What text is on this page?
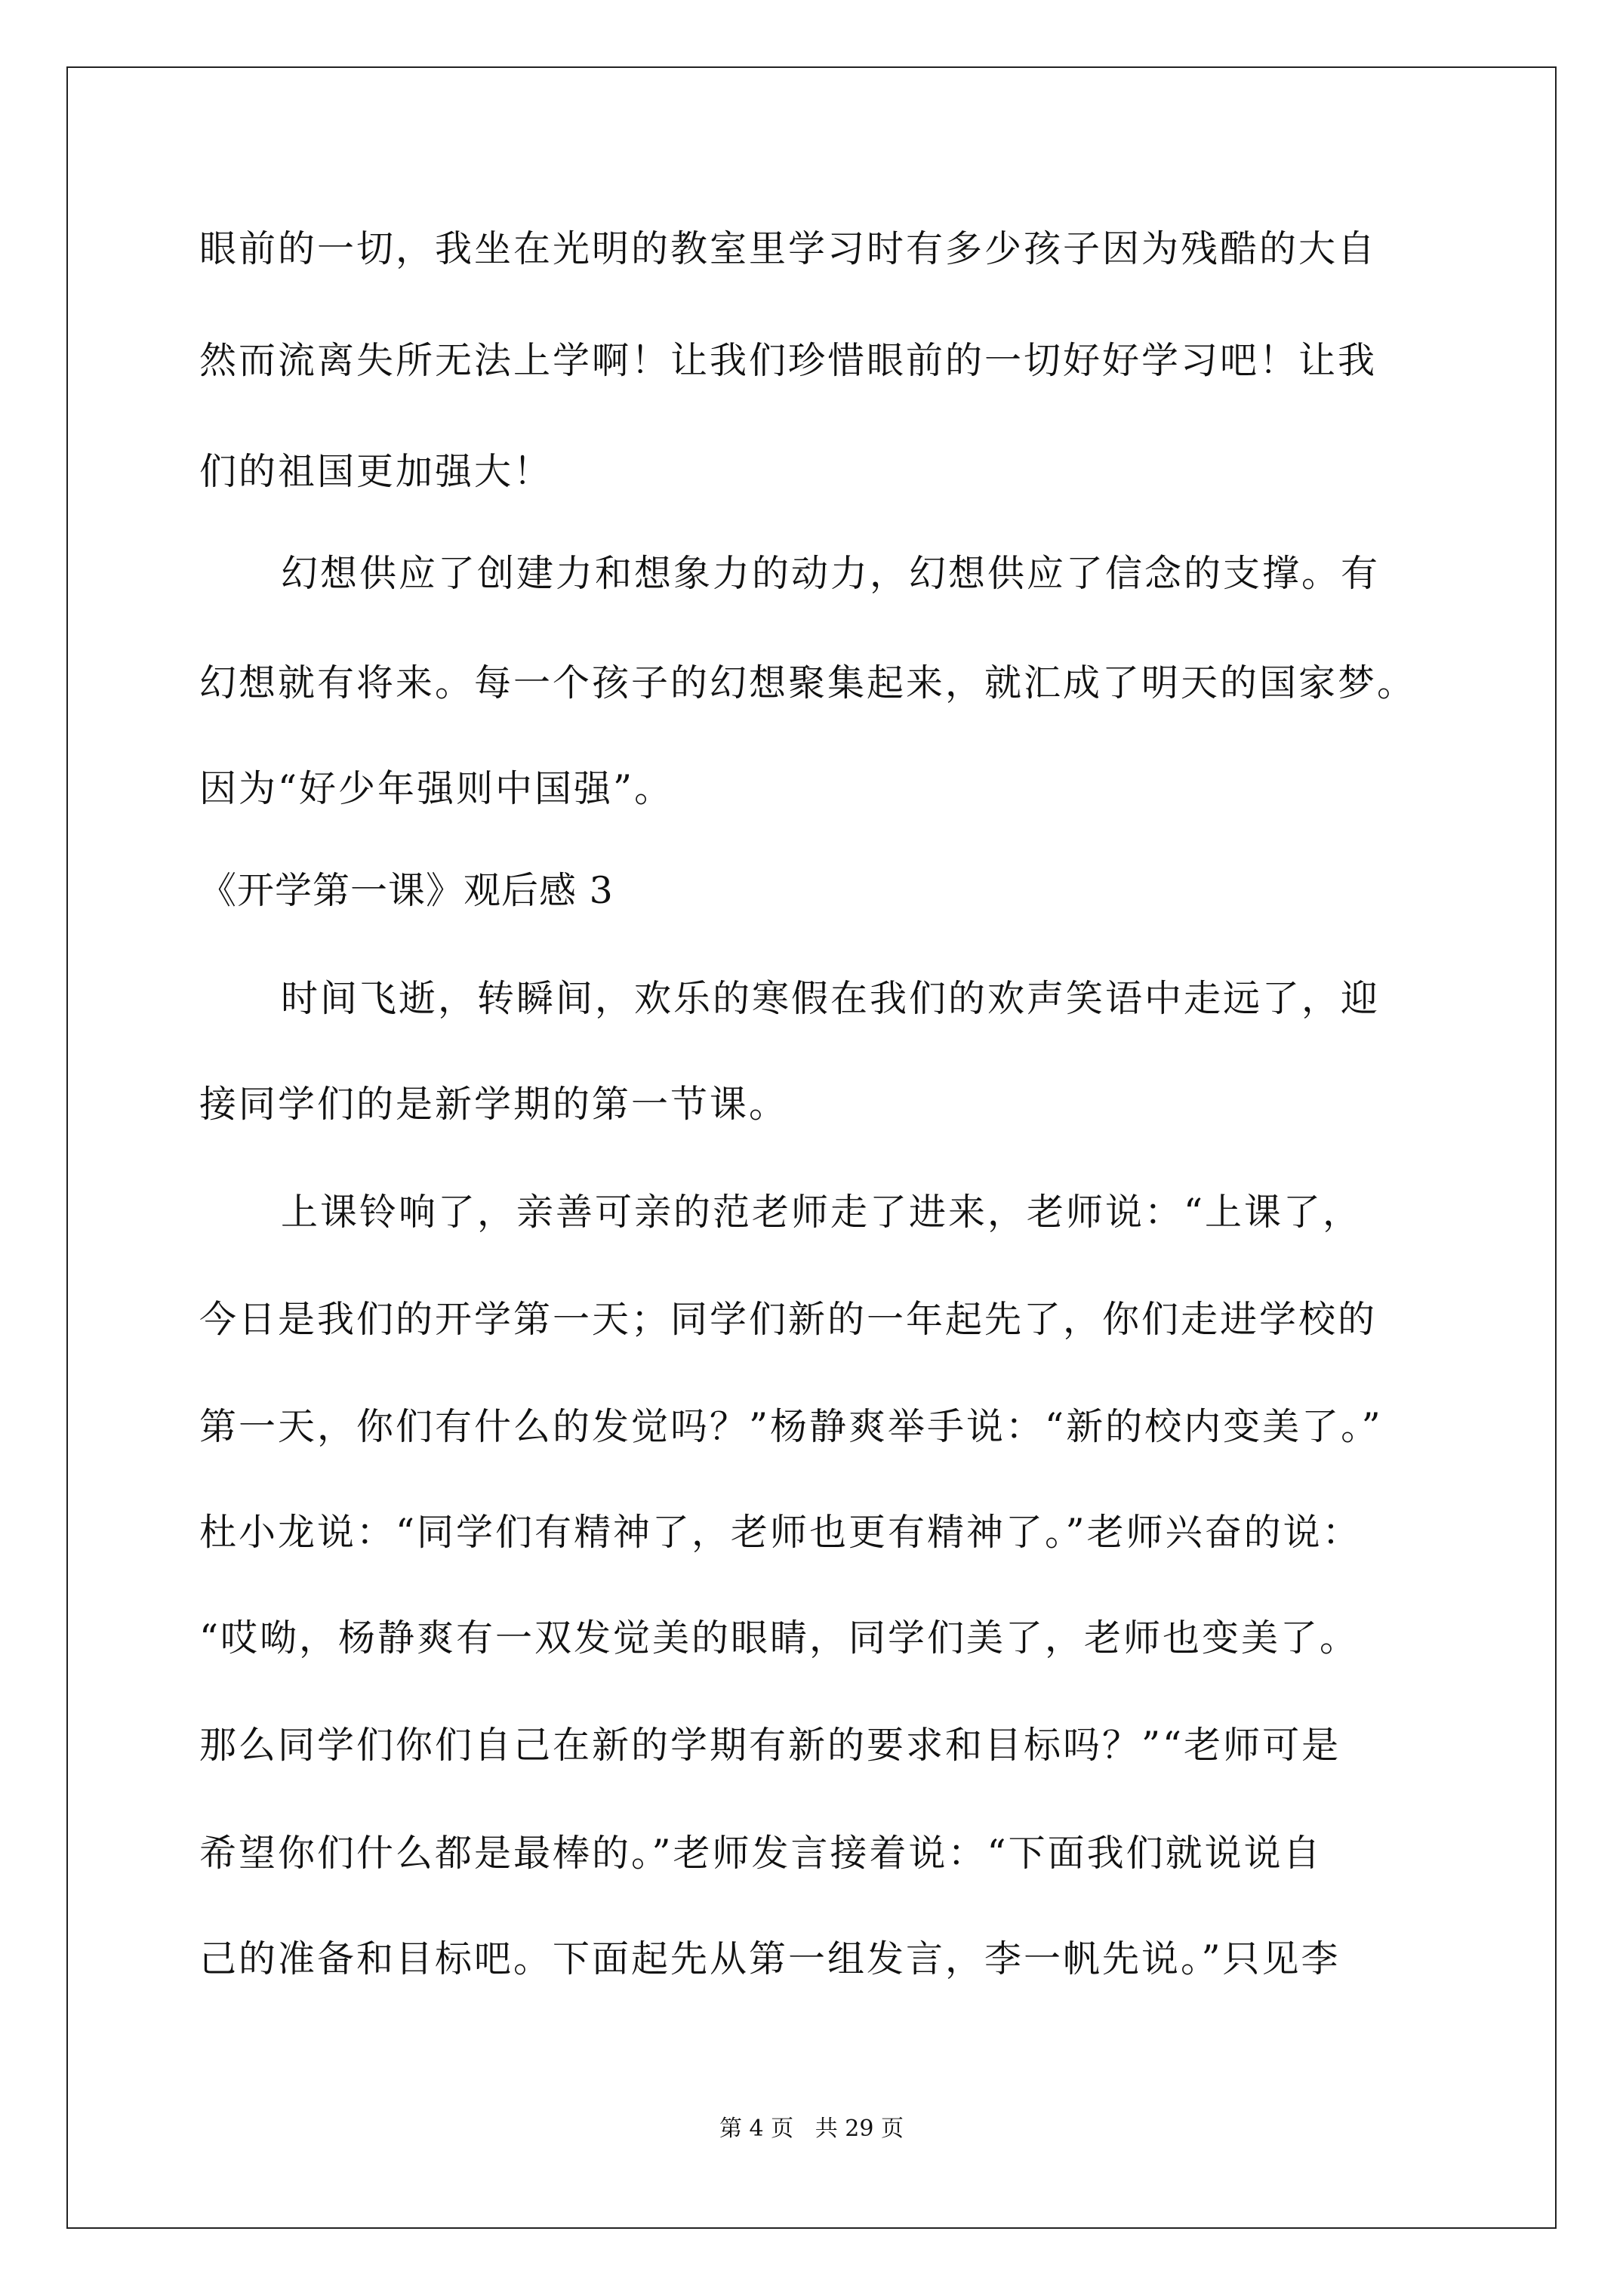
眼前的一切，我坐在光明的教室里学习时有多少孩子因为残酷的大自
然而流离失所无法上学啊！让我们珍惜眼前的一切好好学习吧！让我
们的祖国更加强大！
幻想供应了创建力和想象力的动力，幻想供应了信念的支撑。有
幻想就有将来。每一个孩子的幻想聚集起来，就汇成了明天的国家梦。
因为“好少年强则中国强”。
《开学第一课》观后感 3
时间飞逝，转瞬间，欢乐的寒假在我们的欢声笑语中走远了，迎
接同学们的是新学期的第一节课。
上课铃响了，亲善可亲的范老师走了进来，老师说：“上课了，
今日是我们的开学第一天；同学们新的一年起先了，你们走进学校的
第一天，你们有什么的发觉吗？”杨静爽举手说：“新的校内变美了。”
杜小龙说：“同学们有精神了，老师也更有精神了。”老师兴奋的说：
“哎呦，杨静爽有一双发觉美的眼睛，同学们美了，老师也变美了。
那么同学们你们自己在新的学期有新的要求和目标吗？”“老师可是
希望你们什么都是最棒的。”老师发言接着说：“下面我们就说说自
己的准备和目标吧。下面起先从第一组发言，李一帆先说。”只见李
第 4 页   共 29 页
